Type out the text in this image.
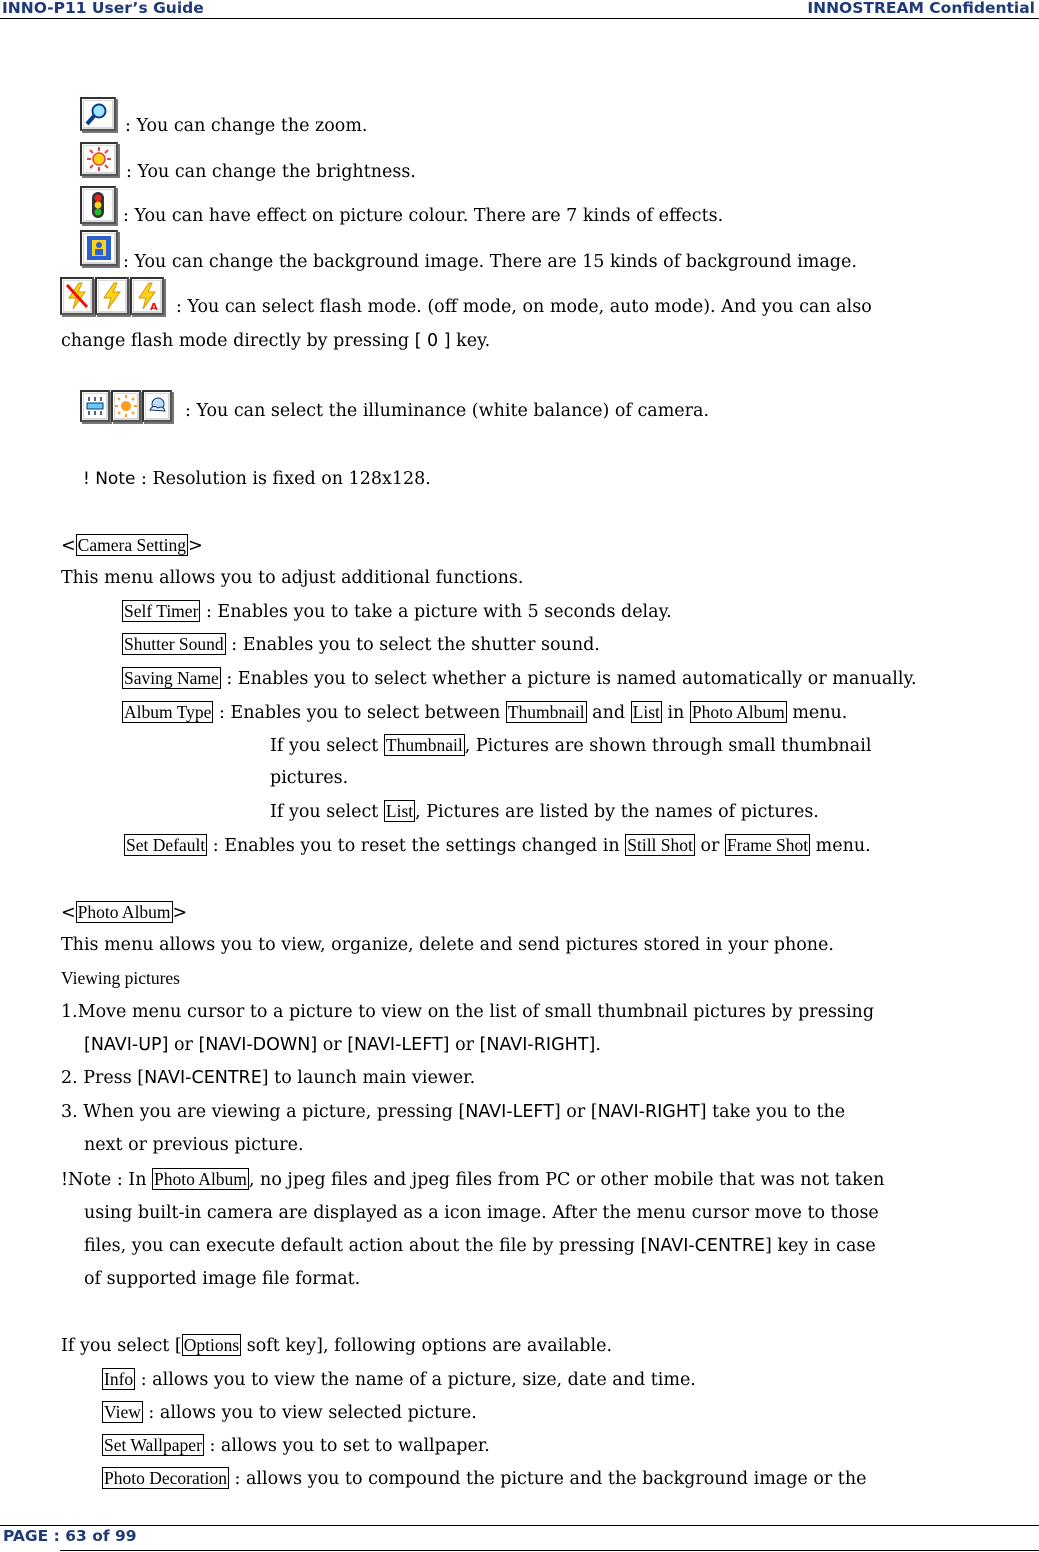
INNO-P11 User’s Guide	INNOSTREAM Confidential
: You can change the zoom.
: You can change the brightness.
: You can have effect on picture colour. There are 7 kinds of effects.
: You can change the background image. There are 15 kinds of background image.
A : You can select flash mode. (off mode, on mode, auto mode). And you can also
change flash mode directly by pressing [ 0 ] key.
: You can select the illuminance (white balance) of camera.
! Note : Resolution is fixed on 128x128.
< Camera Setting >
This menu allows you to adjust additional functions.
Self Timer : Enables you to take a picture with 5 seconds delay.
Shutter Sound : Enables you to select the shutter sound.
Saving Name : Enables you to select whether a picture is named automatically or manually.
Album Type : Enables you to select between Thumbnail and List in Photo Album menu.
If you select Thumbnail , Pictures are shown through small thumbnail
pictures.
If you select List , Pictures are listed by the names of pictures.
Set Default : Enables you to reset the settings changed in Still Shot or Frame Shot menu.
< Photo Album >
This menu allows you to view, organize, delete and send pictures stored in your phone.
Viewing pictures
1.Move menu cursor to a picture to view on the list of small thumbnail pictures by pressing
[NAVI-UP] or [NAVI-DOWN] or [NAVI-LEFT] or [NAVI-RIGHT].
2. Press [NAVI-CENTRE] to launch main viewer.
3. When you are viewing a picture, pressing [NAVI-LEFT] or [NAVI-RIGHT] take you to the
next or previous picture.
!Note : In Photo Album , no jpeg files and jpeg files from PC or other mobile that was not taken
using built-in camera are displayed as a icon image. After the menu cursor move to those
files, you can execute default action about the file by pressing [NAVI-CENTRE] key in case
of supported image file format.
If you select [ Options soft key], following options are available.
Info : allows you to view the name of a picture, size, date and time.
View : allows you to view selected picture.
Set Wallpaper : allows you to set to wallpaper.
Photo Decoration : allows you to compound the picture and the background image or the
PAGE : 63 of 99
